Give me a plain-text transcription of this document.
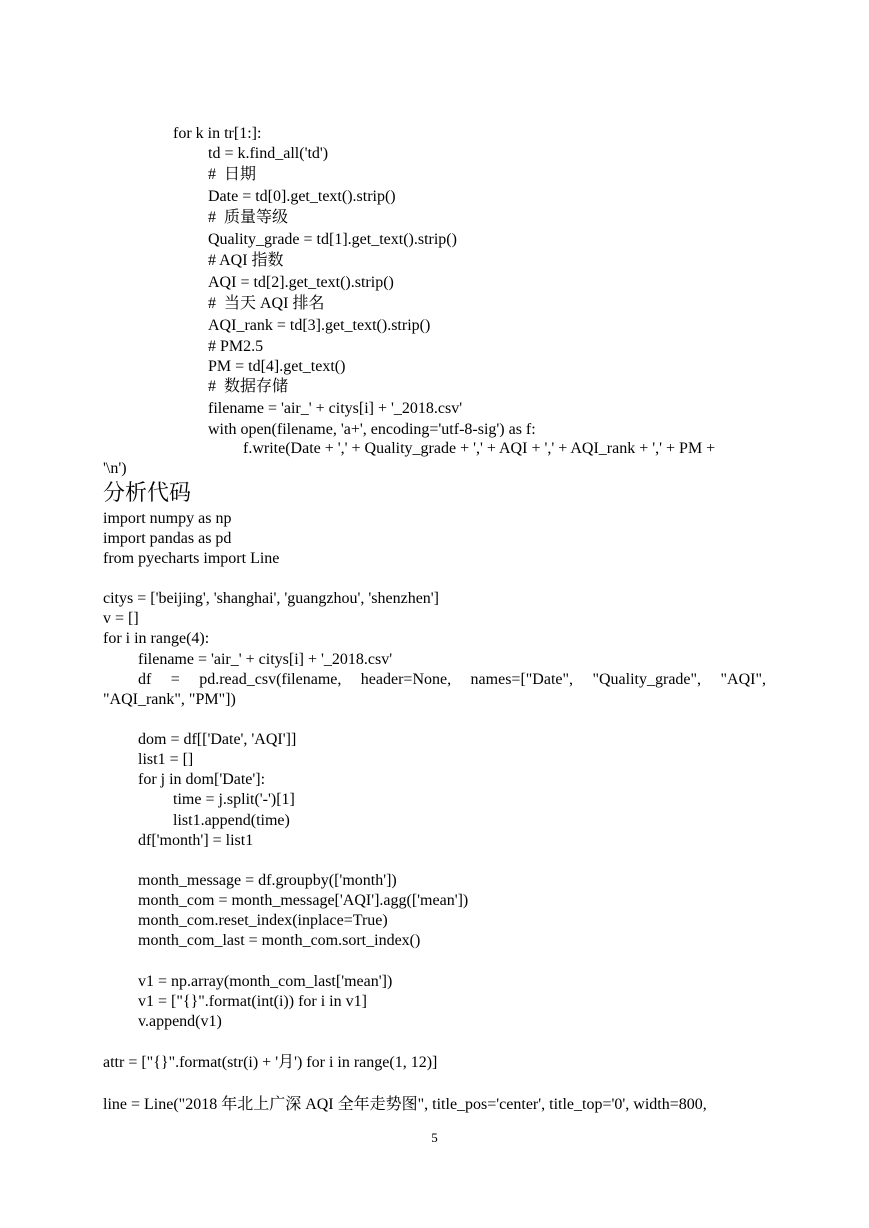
for k in tr[1:]:
td = k.find_all('td')
#  日期
Date = td[0].get_text().strip()
#  质量等级
Quality_grade = td[1].get_text().strip()
# AQI 指数
AQI = td[2].get_text().strip()
#  当天 AQI 排名
AQI_rank = td[3].get_text().strip()
# PM2.5
PM = td[4].get_text()
#  数据存储
filename = 'air_' + citys[i] + '_2018.csv'
with open(filename, 'a+', encoding='utf-8-sig') as f:
f.write(Date + ',' + Quality_grade + ',' + AQI + ',' + AQI_rank + ',' + PM +
'\n')
分析代码
import numpy as np
import pandas as pd
from pyecharts import Line
citys = ['beijing', 'shanghai', 'guangzhou', 'shenzhen']
v = []
for i in range(4):
filename = 'air_' + citys[i] + '_2018.csv'
df = pd.read_csv(filename, header=None, names=["Date", "Quality_grade", "AQI",
"AQI_rank", "PM"])
dom = df[['Date', 'AQI']]
list1 = []
for j in dom['Date']:
time = j.split('-')[1]
list1.append(time)
df['month'] = list1
month_message = df.groupby(['month'])
month_com = month_message['AQI'].agg(['mean'])
month_com.reset_index(inplace=True)
month_com_last = month_com.sort_index()
v1 = np.array(month_com_last['mean'])
v1 = ["{}".format(int(i)) for i in v1]
v.append(v1)
attr = ["{}".format(str(i) + '月') for i in range(1, 12)]
line = Line("2018 年北上广深 AQI 全年走势图", title_pos='center', title_top='0', width=800,
5
